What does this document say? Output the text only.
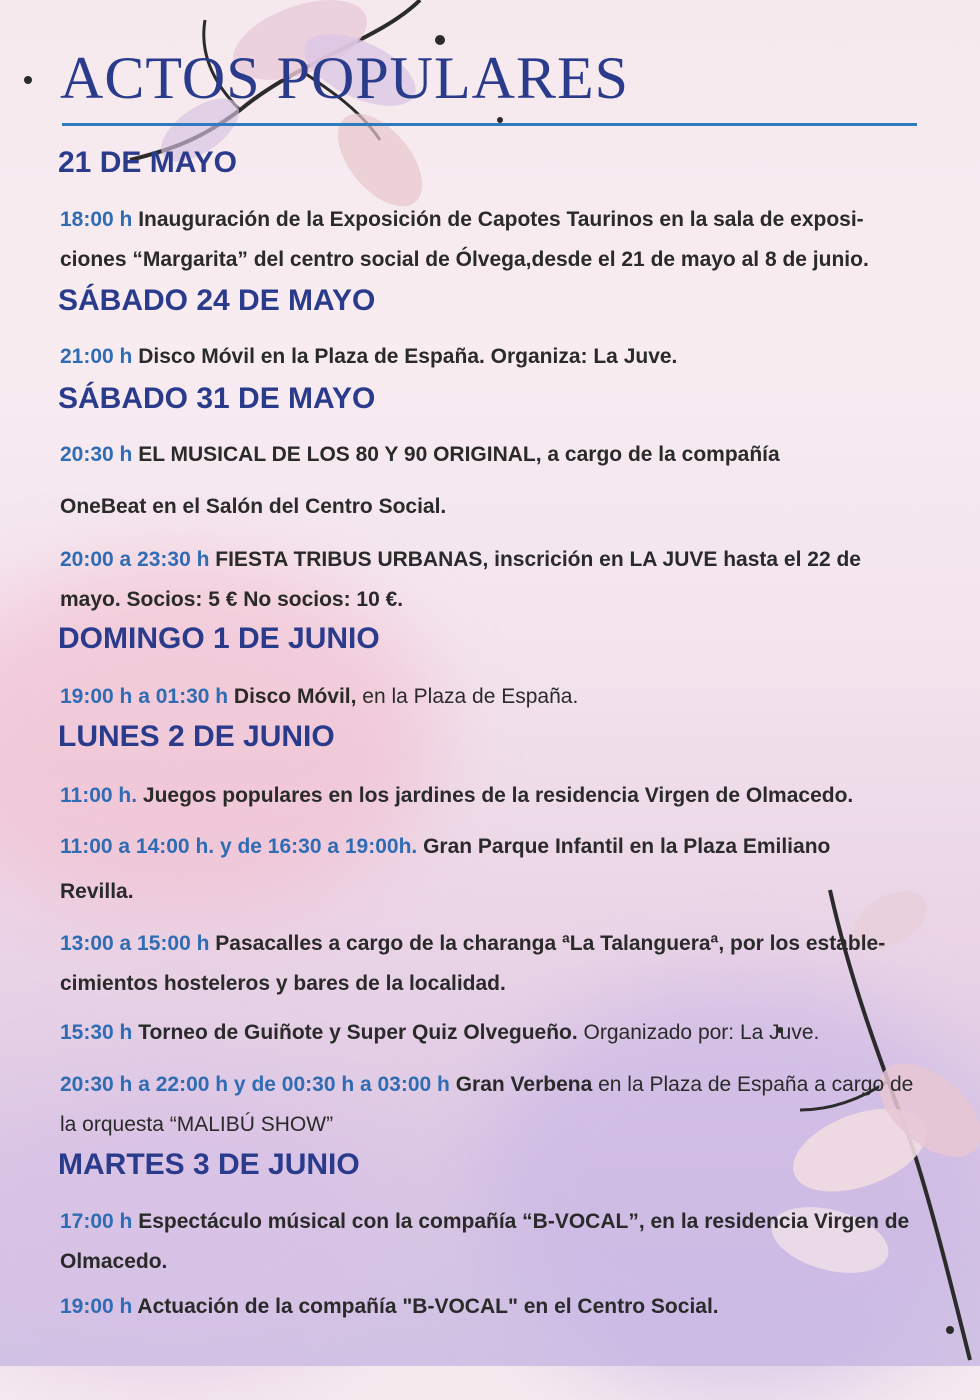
ACTOS POPULARES
21 DE MAYO

18:00 h Inauguración de la Exposición de Capotes Taurinos en la sala de exposi-ciones “Margarita” del centro social de Ólvega,desde el 21 de mayo al 8 de junio.

SÁBADO 24 DE MAYO

21:00 h Disco Móvil en la Plaza de España. Organiza: La Juve.

SÁBADO 31 DE MAYO

20:30 h EL MUSICAL DE LOS 80 Y 90 ORIGINAL, a cargo de la compañía

OneBeat en el Salón del Centro Social.

20:00 a 23:30 h FIESTA TRIBUS URBANAS, inscrición en LA JUVE hasta el 22 de mayo. Socios: 5 € No socios: 10 €.

DOMINGO 1 DE JUNIO

19:00 h a 01:30 h Disco Móvil, en la Plaza de España.

LUNES 2 DE JUNIO

11:00 h. Juegos populares en los jardines de la residencia Virgen de Olmacedo.

11:00 a 14:00 h. y de 16:30 a 19:00h. Gran Parque Infantil en la Plaza Emiliano

Revilla.

13:00 a 15:00 h Pasacalles a cargo de la charanga ªLa Talangueraª, por los estable-cimientos hosteleros y bares de la localidad.

15:30 h Torneo de Guiñote y Super Quiz Olvegueño. Organizado por: La Juve.

20:30 h a 22:00 h y de 00:30 h a 03:00 h Gran Verbena en la Plaza de España a cargo de la orquesta “MALIBÚ SHOW”

MARTES 3 DE JUNIO

17:00 h Espectáculo músical con la compañía “B-VOCAL”, en la residencia Virgen de Olmacedo.

19:00 h Actuación de la compañía "B-VOCAL" en el Centro Social.
